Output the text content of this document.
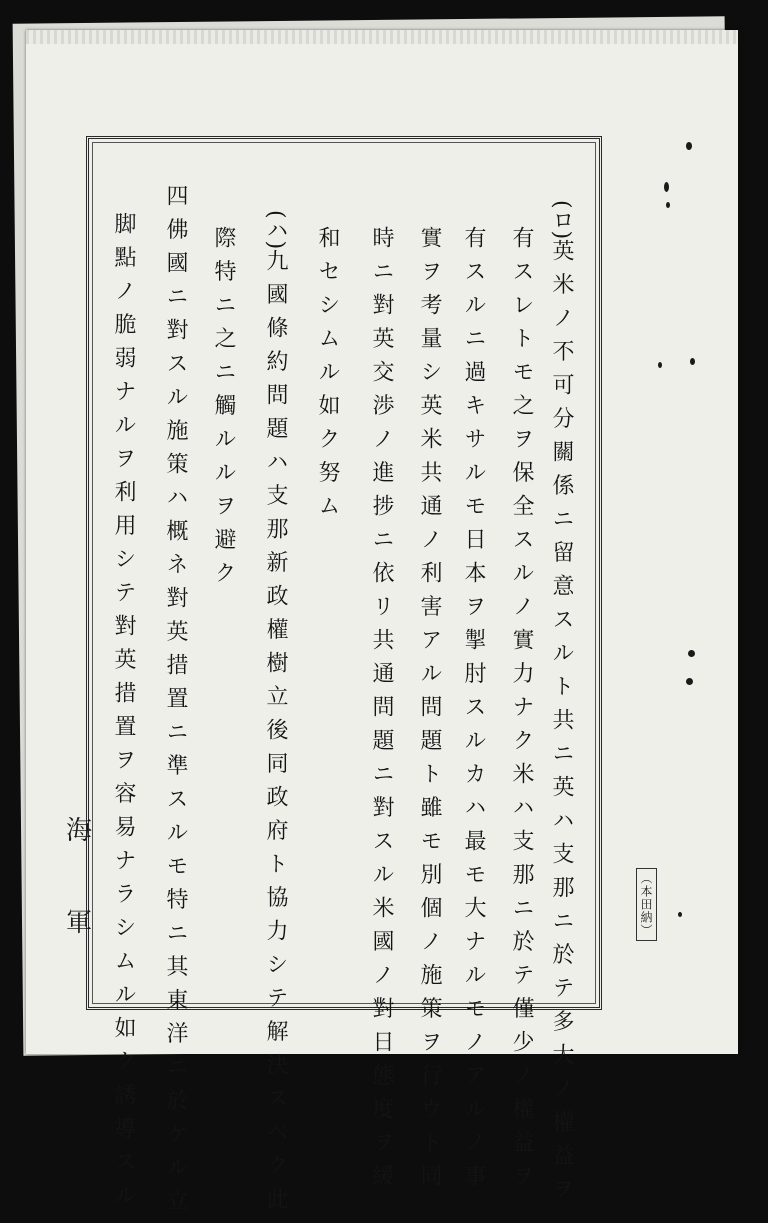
(ロ)英米ノ不可分關係ニ留意スルト共ニ英ハ支那ニ於テ多大ノ權益ヲ
有スレトモ之ヲ保全スルノ實力ナク米ハ支那ニ於テ僅少ノ權益ヲ
有スルニ過キサルモ日本ヲ掣肘スルカハ最モ大ナルモノアルノ事
實ヲ考量シ英米共通ノ利害アル問題ト雖モ別個ノ施策ヲ行ウト同
時ニ對英交渉ノ進捗ニ依リ共通問題ニ對スル米國ノ對日態度ヲ緩
和セシムル如ク努ム
(ハ)九國條約問題ハ支那新政權樹立後同政府ト協力シテ解決スベク此
際特ニ之ニ觸ルルヲ避ク
四佛國ニ對スル施策ハ概ネ對英措置ニ準スルモ特ニ其東洋ニ於ケル立
脚點ノ脆弱ナルヲ利用シテ對英措置ヲ容易ナラシムル如ク誘導スル	（本田納）
海
軍
